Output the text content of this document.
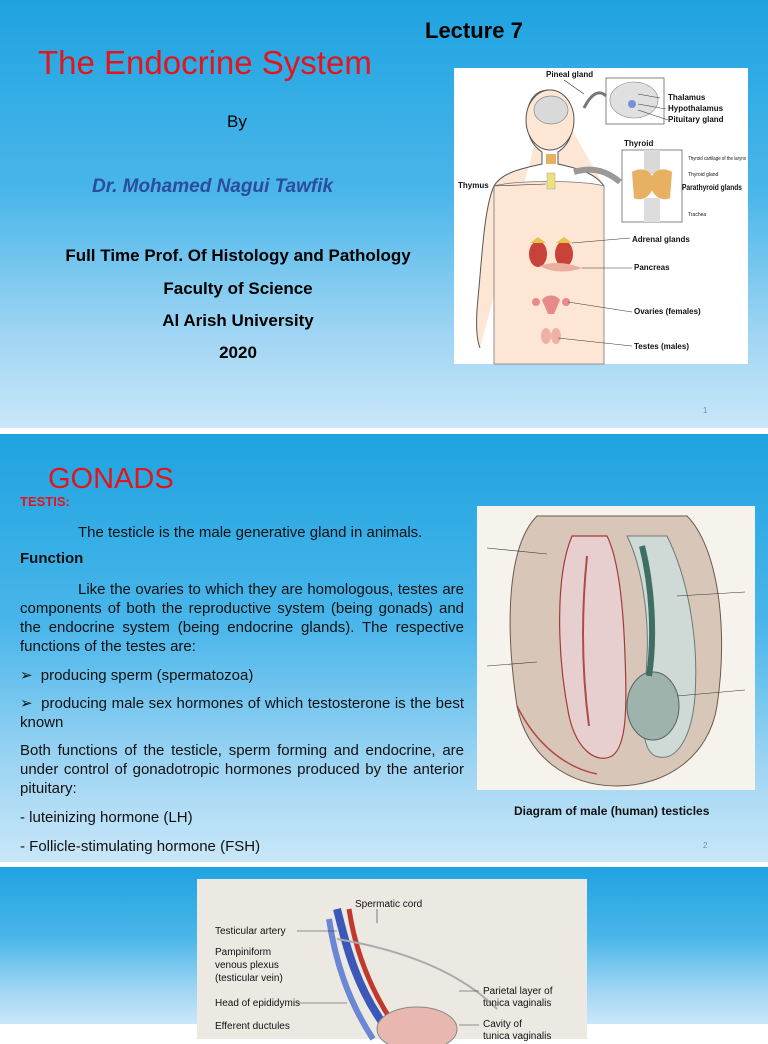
Lecture 7
The Endocrine System
By
Dr. Mohamed Nagui Tawfik
Full Time Prof. Of Histology and Pathology
Faculty of Science
Al Arish University
2020
1
Pineal gland
Thalamus
Hypothalamus
Pituitary gland
Thyroid
Thyroid cartilage of the larynx
Thyroid gland
Parathyroid glands
Trachea
Thymus
Adrenal glands
Pancreas
Ovaries (females)
Testes (males)
GONADS
TESTIS:
The testicle is the male generative gland in animals.
Function
Like the ovaries to which they are homologous, testes are components of both the reproductive system (being gonads) and the endocrine system (being endocrine glands). The respective functions of the testes are:
➢ producing sperm (spermatozoa)
➢ producing male sex hormones of which testosterone is the best known
Both functions of the testicle, sperm forming and endocrine, are under control of gonadotropic hormones produced by the anterior pituitary:
- luteinizing hormone (LH)
- Follicle-stimulating hormone (FSH)	2
Diagram of male (human) testicles
Spermatic cord
Testicular artery
Pampiniform
venous plexus
(testicular vein)
Head of epididymis
Efferent ductules
Parietal layer of
tunica vaginalis
Cavity of
tunica vaginalis
